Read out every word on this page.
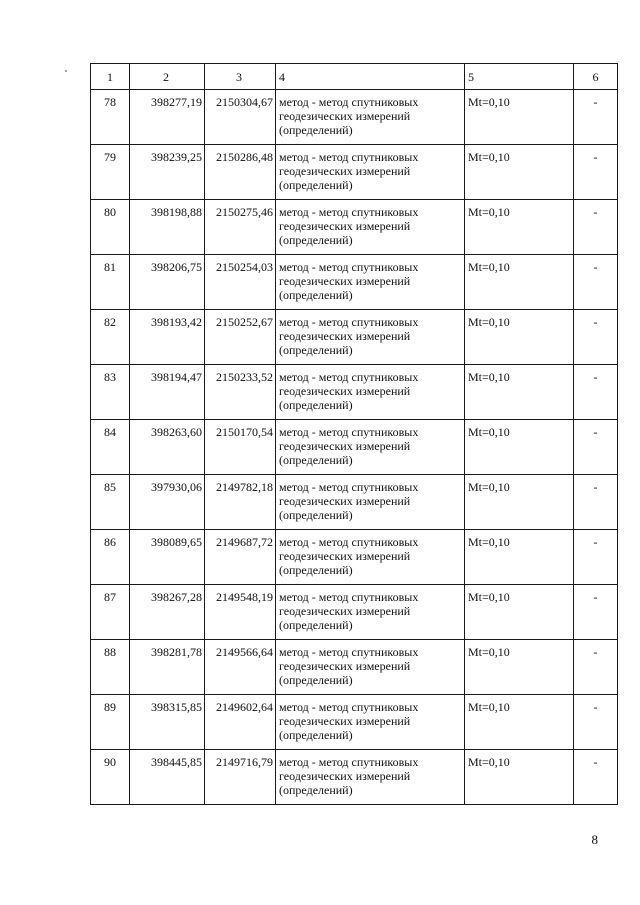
1	2	3	4	5	6
78	398277,19	2150304,67	метод - метод спутниковых
геодезических измерений
(определений)	Mt=0,10	-
79	398239,25	2150286,48	метод - метод спутниковых
геодезических измерений
(определений)	Mt=0,10	-
80	398198,88	2150275,46	метод - метод спутниковых
геодезических измерений
(определений)	Mt=0,10	-
81	398206,75	2150254,03	метод - метод спутниковых
геодезических измерений
(определений)	Mt=0,10	-
82	398193,42	2150252,67	метод - метод спутниковых
геодезических измерений
(определений)	Mt=0,10	-
83	398194,47	2150233,52	метод - метод спутниковых
геодезических измерений
(определений)	Mt=0,10	-
84	398263,60	2150170,54	метод - метод спутниковых
геодезических измерений
(определений)	Mt=0,10	-
85	397930,06	2149782,18	метод - метод спутниковых
геодезических измерений
(определений)	Mt=0,10	-
86	398089,65	2149687,72	метод - метод спутниковых
геодезических измерений
(определений)	Mt=0,10	-
87	398267,28	2149548,19	метод - метод спутниковых
геодезических измерений
(определений)	Mt=0,10	-
88	398281,78	2149566,64	метод - метод спутниковых
геодезических измерений
(определений)	Mt=0,10	-
89	398315,85	2149602,64	метод - метод спутниковых
геодезических измерений
(определений)	Mt=0,10	-
90	398445,85	2149716,79	метод - метод спутниковых
геодезических измерений
(определений)	Mt=0,10	-
8
